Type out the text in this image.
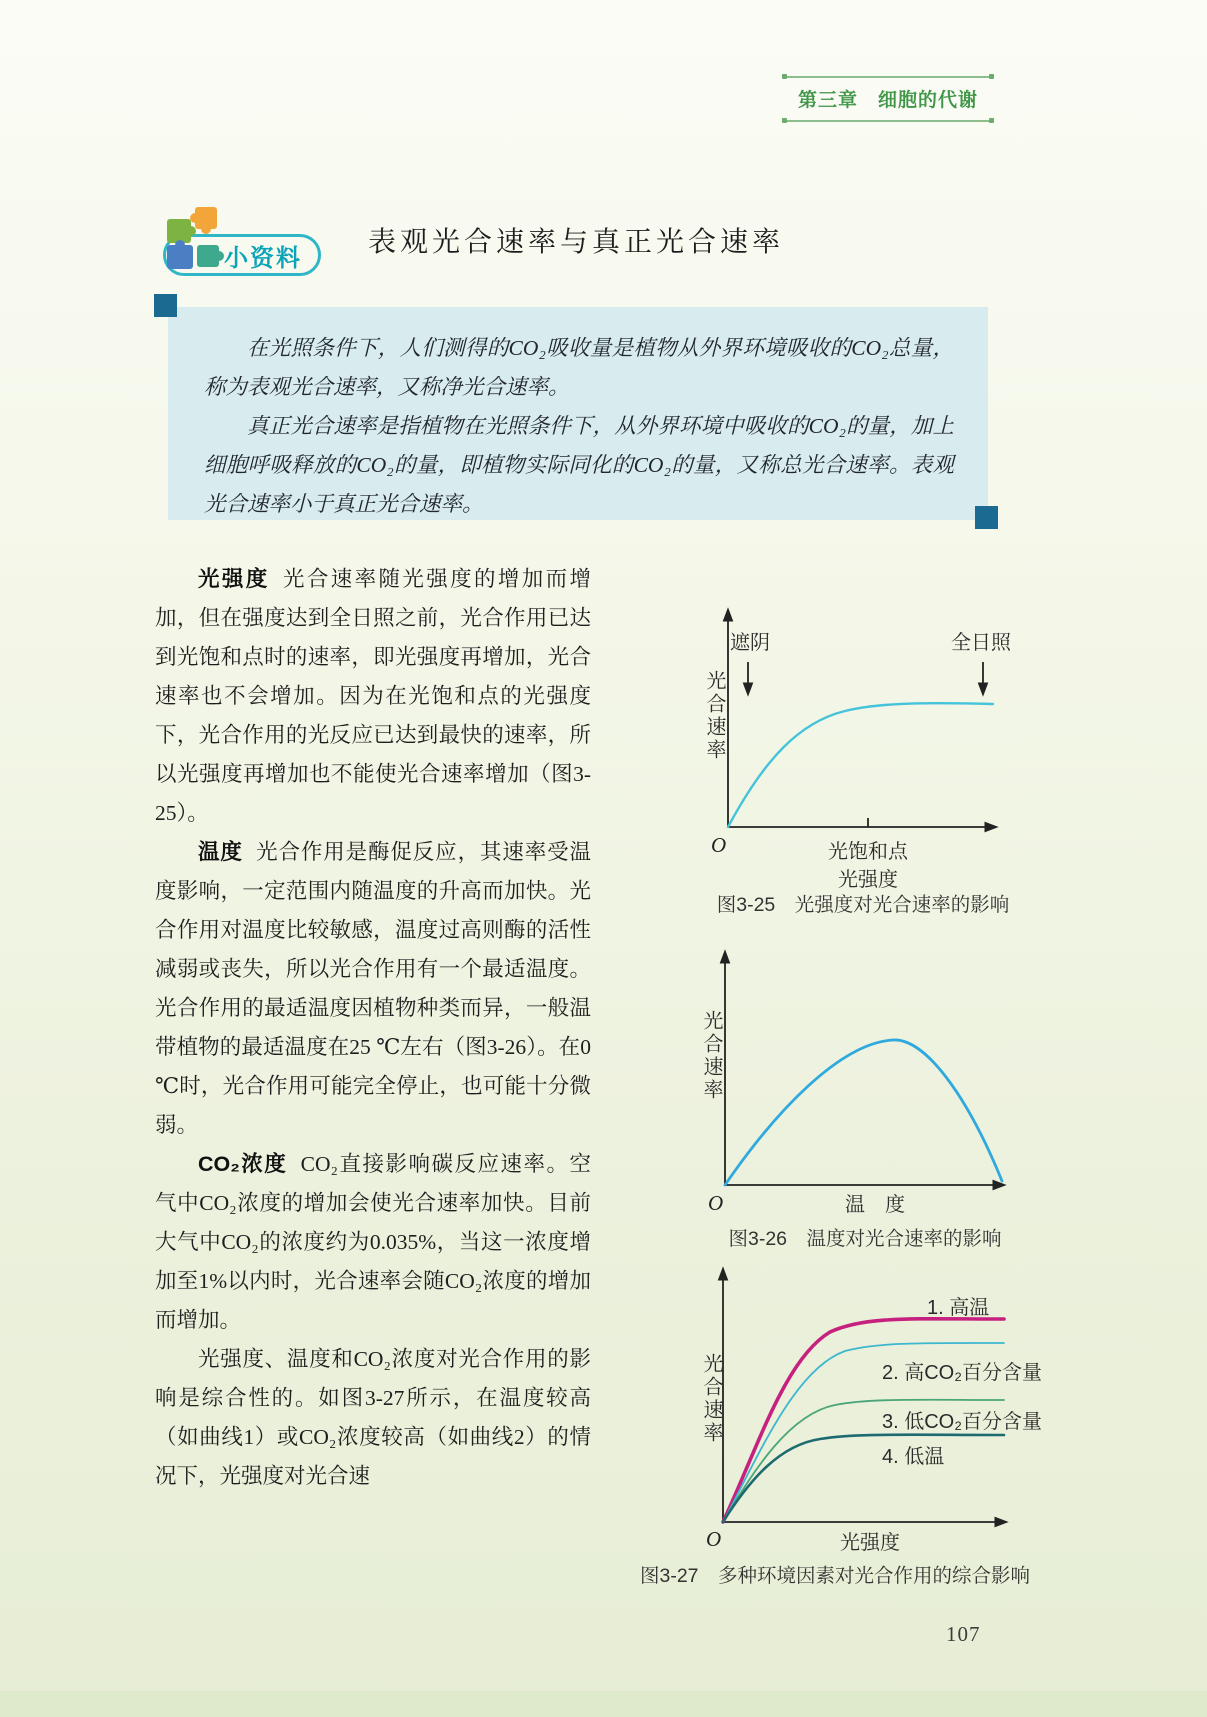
第三章　细胞的代谢
小资料 表观光合速率与真正光合速率

在光照条件下，人们测得的CO₂吸收量是植物从外界环境吸收的CO₂总量，称为表观光合速率，又称净光合速率。

真正光合速率是指植物在光照条件下，从外界环境中吸收的CO₂的量，加上细胞呼吸释放的CO₂的量，即植物实际同化的CO₂的量，又称总光合速率。表观光合速率小于真正光合速率。

光强度 光合速率随光强度的增加而增加，但在强度达到全日照之前，光合作用已达到光饱和点时的速率，即光强度再增加，光合速率也不会增加。因为在光饱和点的光强度下，光合作用的光反应已达到最快的速率，所以光强度再增加也不能使光合速率增加（图3-25）。

温度 光合作用是酶促反应，其速率受温度影响，一定范围内随温度的升高而加快。光合作用对温度比较敏感，温度过高则酶的活性减弱或丧失，所以光合作用有一个最适温度。光合作用的最适温度因植物种类而异，一般温带植物的最适温度在25 ℃左右（图3-26）。在0 ℃时，光合作用可能完全停止，也可能十分微弱。

CO₂浓度 CO₂直接影响碳反应速率。空气中CO₂浓度的增加会使光合速率加快。目前大气中CO₂的浓度约为0.035%，当这一浓度增加至1%以内时，光合速率会随CO₂浓度的增加而增加。

光强度、温度和CO₂浓度对光合作用的影响是综合性的。如图3-27所示，在温度较高（如曲线1）或CO₂浓度较高（如曲线2）的情况下，光强度对光合速

光合速率
遮阴	全日照
O	光饱和点
光强度
图3-25　光强度对光合速率的影响
光合速率
O	温　度
图3-26　温度对光合速率的影响
光合速率
1. 高温
2. 高CO₂百分含量
3. 低CO₂百分含量
4. 低温
O	光强度
图3-27　多种环境因素对光合作用的综合影响
107
